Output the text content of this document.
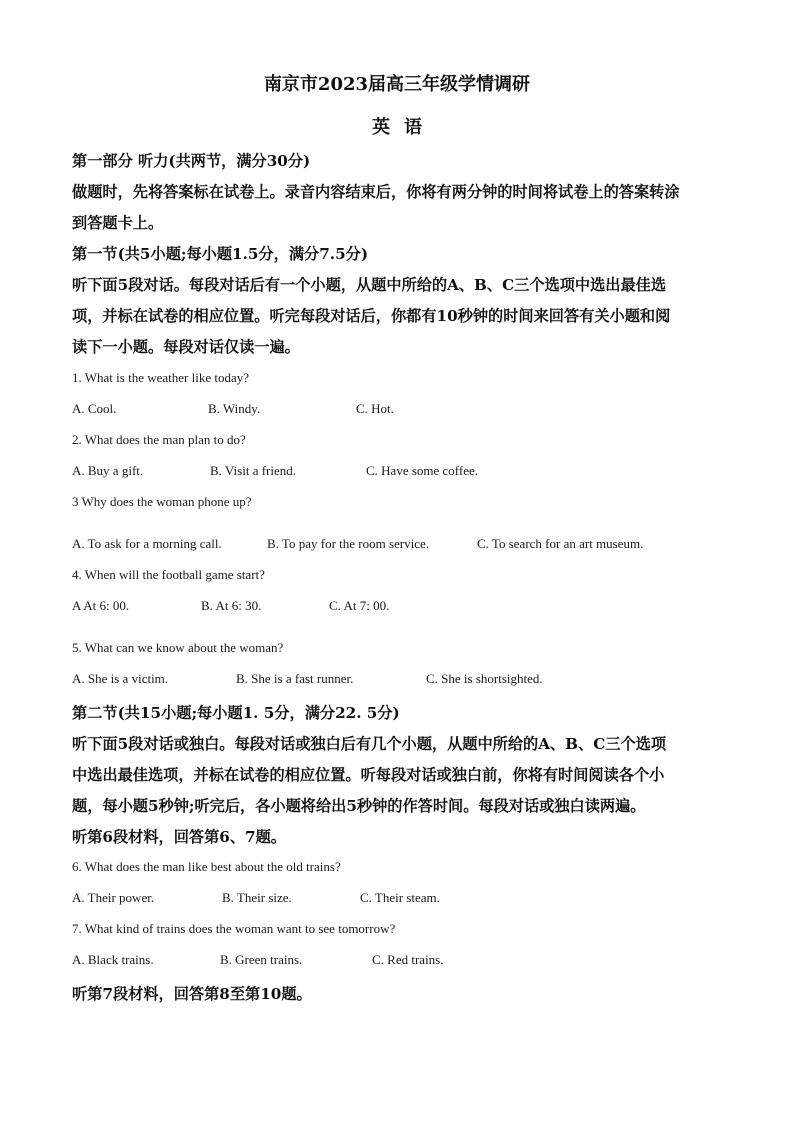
南京市2023届高三年级学情调研
英语
第一部分 听力(共两节，满分30分)
做题时，先将答案标在试卷上。录音内容结束后，你将有两分钟的时间将试卷上的答案转涂
到答题卡上。
第一节(共5小题;每小题1.5分，满分7.5分)
听下面5段对话。每段对话后有一个小题，从题中所给的A、B、C三个选项中选出最佳选
项，并标在试卷的相应位置。听完每段对话后，你都有10秒钟的时间来回答有关小题和阅
读下一小题。每段对话仅读一遍。
1. What is the weather like today?
A. Cool.	B. Windy.	C. Hot.
2. What does the man plan to do?
A. Buy a gift.	B. Visit a friend.	C. Have some coffee.
3 Why does the woman phone up?
A. To ask for a morning call.	B. To pay for the room service.	C. To search for an art museum.
4. When will the football game start?
A At 6: 00.	B. At 6: 30.	C. At 7: 00.
5. What can we know about the woman?
A. She is a victim.	B. She is a fast runner.	C. She is shortsighted.
第二节(共15小题;每小题1. 5分，满分22. 5分)
听下面5段对话或独白。每段对话或独白后有几个小题，从题中所给的A、B、C三个选项
中选出最佳选项，并标在试卷的相应位置。听每段对话或独白前，你将有时间阅读各个小
题，每小题5秒钟;听完后，各小题将给出5秒钟的作答时间。每段对话或独白读两遍。
听第6段材料，回答第6、7题。
6. What does the man like best about the old trains?
A. Their power.	B. Their size.	C. Their steam.
7. What kind of trains does the woman want to see tomorrow?
A. Black trains.	B. Green trains.	C. Red trains.
听第7段材料，回答第8至第10题。
